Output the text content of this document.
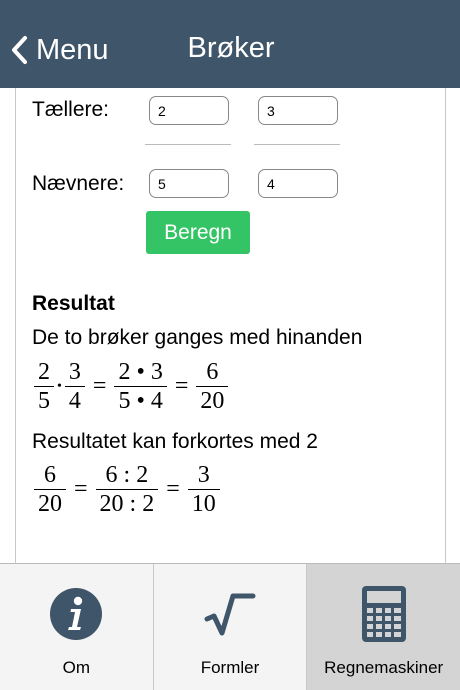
Menu	Brøker
Tællere:
2
3
Nævnere:
5
4
Beregn
Resultat
De to brøker ganges med hinanden
$\frac{2}{5}$ • $\frac{3}{4} = \frac{2 • 3}{5 • 4} = \frac{6}{20}$
Resultatet kan forkortes med 2
$\frac{6}{20} = \frac{6 : 2}{20 : 2} = \frac{3}{10}$
Om	Formler	Regnemaskiner
